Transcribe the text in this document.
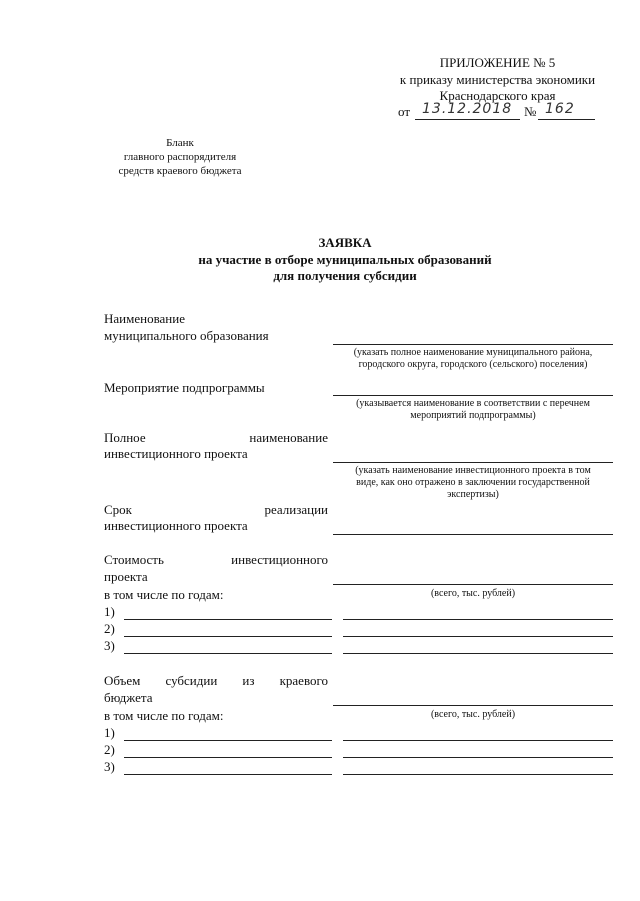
ПРИЛОЖЕНИЕ № 5
к приказу министерства экономики
Краснодарского края
от 13.12.2018 № 162
Бланк
главного распорядителя
средств краевого бюджета
ЗАЯВКА
на участие в отборе муниципальных образований
для получения субсидии
Наименование
муниципального образования
(указать полное наименование муниципального района,
городского округа, городского (сельского) поселения)
Мероприятие подпрограммы
(указывается наименование в соответствии с перечнем
мероприятий подпрограммы)
Полное наименование
инвестиционного проекта
(указать наименование инвестиционного проекта в том
виде, как оно отражено в заключении государственной
экспертизы)
Срок реализации
инвестиционного проекта
Стоимость инвестиционного
проекта
(всего, тыс. рублей)
в том числе по годам:
1)
2)
3)
Объем субсидии из краевого
бюджета
(всего, тыс. рублей)
в том числе по годам:
1)
2)
3)
